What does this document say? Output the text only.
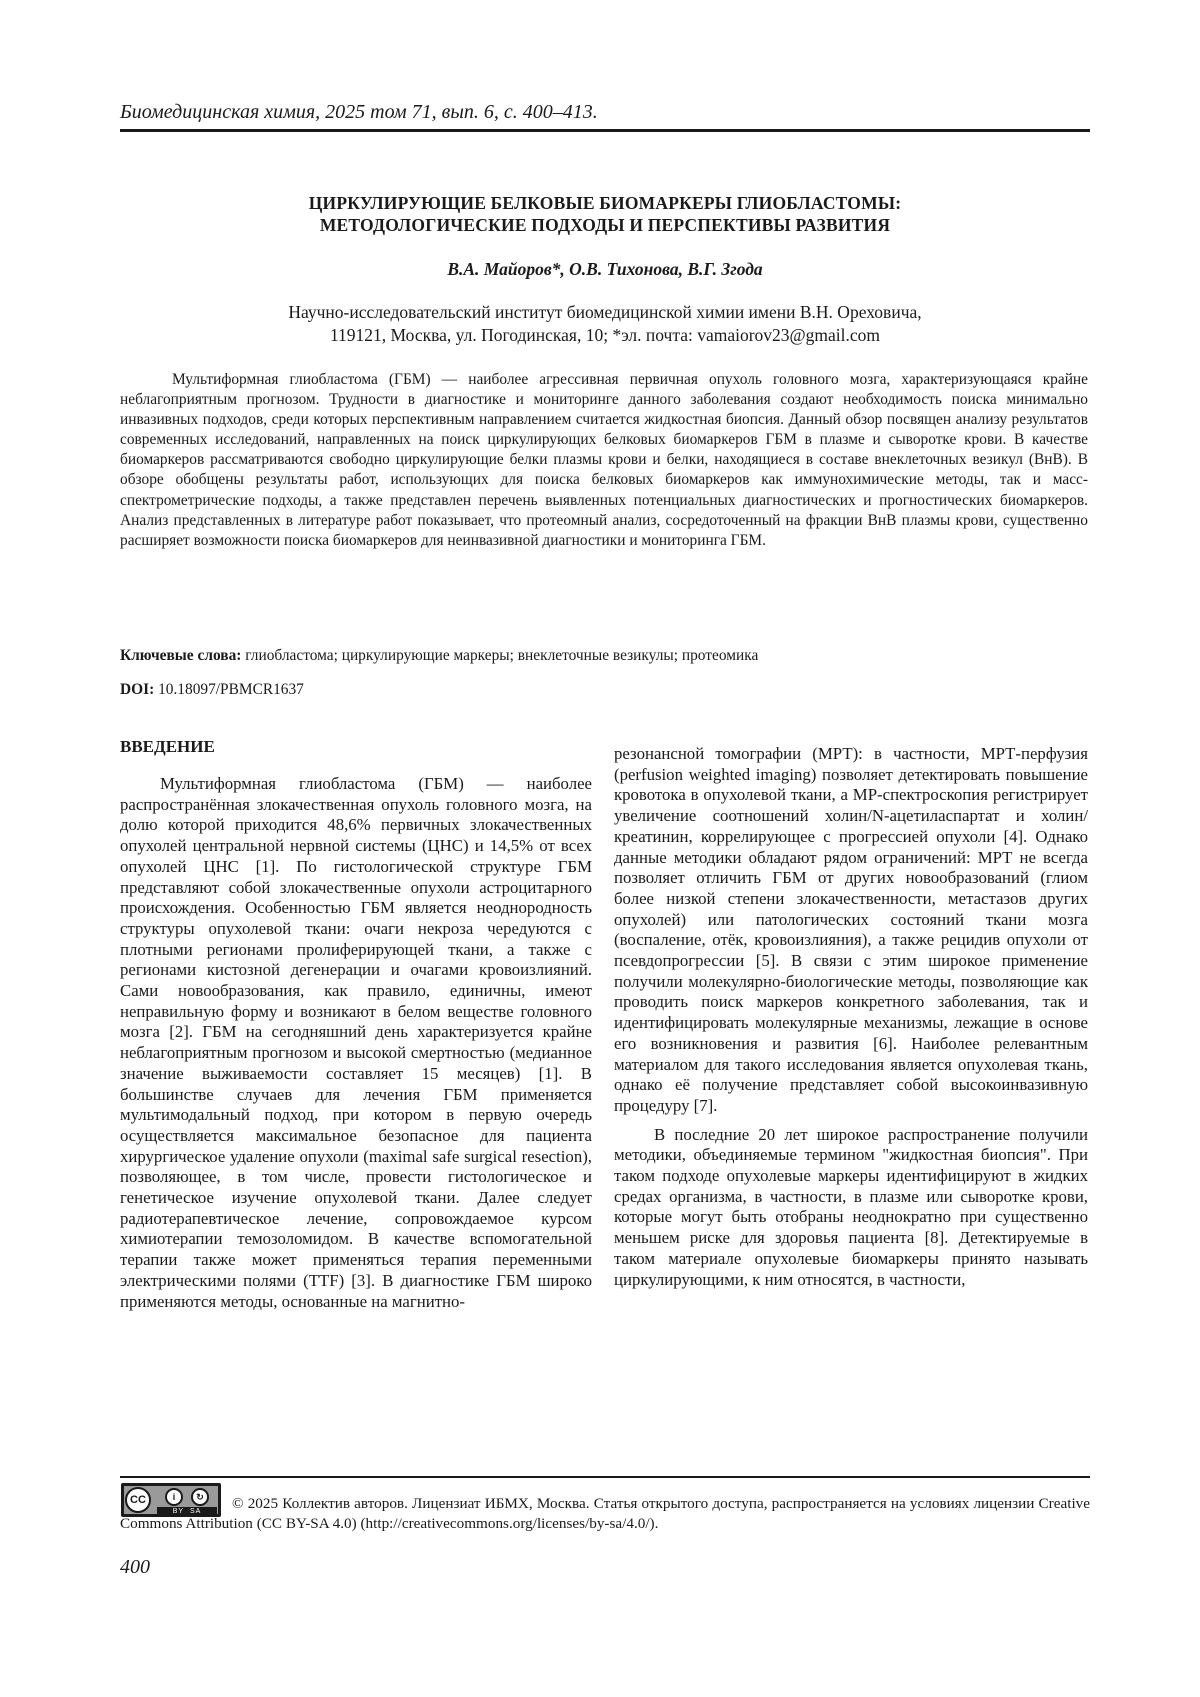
Биомедицинская химия, 2025 том 71, вып. 6, с. 400–413.
ЦИРКУЛИРУЮЩИЕ БЕЛКОВЫЕ БИОМАРКЕРЫ ГЛИОБЛАСТОМЫ:
МЕТОДОЛОГИЧЕСКИЕ ПОДХОДЫ И ПЕРСПЕКТИВЫ РАЗВИТИЯ
В.А. Майоров*, О.В. Тихонова, В.Г. Згода
Научно-исследовательский институт биомедицинской химии имени В.Н. Ореховича,
119121, Москва, ул. Погодинская, 10; *эл. почта: vamaiorov23@gmail.com

Мультиформная глиобластома (ГБМ) — наиболее агрессивная первичная опухоль головного мозга, характеризующаяся крайне неблагоприятным прогнозом. Трудности в диагностике и мониторинге данного заболевания создают необходимость поиска минимально инвазивных подходов, среди которых перспективным направлением считается жидкостная биопсия. Данный обзор посвящен анализу результатов современных исследований, направленных на поиск циркулирующих белковых биомаркеров ГБМ в плазме и сыворотке крови. В качестве биомаркеров рассматриваются свободно циркулирующие белки плазмы крови и белки, находящиеся в составе внеклеточных везикул (ВнВ). В обзоре обобщены результаты работ, использующих для поиска белковых биомаркеров как иммунохимические методы, так и масс-спектрометрические подходы, а также представлен перечень выявленных потенциальных диагностических и прогностических биомаркеров. Анализ представленных в литературе работ показывает, что протеомный анализ, сосредоточенный на фракции ВнВ плазмы крови, существенно расширяет возможности поиска биомаркеров для неинвазивной диагностики и мониторинга ГБМ.

Ключевые слова: глиобластома; циркулирующие маркеры; внеклеточные везикулы; протеомика
DOI: 10.18097/PBMCR1637
ВВЕДЕНИЕ

Мультиформная глиобластома (ГБМ) — наиболее распространённая злокачественная опухоль головного мозга, на долю которой приходится 48,6% первичных злокачественных опухолей центральной нервной системы (ЦНС) и 14,5% от всех опухолей ЦНС [1]. По гистологической структуре ГБМ представляют собой злокачественные опухоли астроцитарного происхождения. Особенностью ГБМ является неоднородность структуры опухолевой ткани: очаги некроза чередуются с плотными регионами пролиферирующей ткани, а также с регионами кистозной дегенерации и очагами кровоизлияний. Сами новообразования, как правило, единичны, имеют неправильную форму и возникают в белом веществе головного мозга [2]. ГБМ на сегодняшний день характеризуется крайне неблагоприятным прогнозом и высокой смертностью (медианное значение выживаемости составляет 15 месяцев) [1]. В большинстве случаев для лечения ГБМ применяется мультимодальный подход, при котором в первую очередь осуществляется максимальное безопасное для пациента хирургическое удаление опухоли (maximal safe surgical resection), позволяющее, в том числе, провести гистологическое и генетическое изучение опухолевой ткани. Далее следует радиотерапевтическое лечение, сопровождаемое курсом химиотерапии темозоломидом. В качестве вспомогательной терапии также может применяться терапия переменными электрическими полями (TTF) [3]. В диагностике ГБМ широко применяются методы, основанные на магнитно-

резонансной томографии (МРТ): в частности, МРТ-перфузия (perfusion weighted imaging) позволяет детектировать повышение кровотока в опухолевой ткани, а МР-спектроскопия регистрирует увеличение соотношений холин/N-ацетиласпартат и холин/креатинин, коррелирующее с прогрессией опухоли [4]. Однако данные методики обладают рядом ограничений: МРТ не всегда позволяет отличить ГБМ от других новообразований (глиом более низкой степени злокачественности, метастазов других опухолей) или патологических состояний ткани мозга (воспаление, отёк, кровоизлияния), а также рецидив опухоли от псевдопрогрессии [5]. В связи с этим широкое применение получили молекулярно-биологические методы, позволяющие как проводить поиск маркеров конкретного заболевания, так и идентифицировать молекулярные механизмы, лежащие в основе его возникновения и развития [6]. Наиболее релевантным материалом для такого исследования является опухолевая ткань, однако её получение представляет собой высокоинвазивную процедуру [7].

В последние 20 лет широкое распространение получили методики, объединяемые термином "жидкостная биопсия". При таком подходе опухолевые маркеры идентифицируют в жидких средах организма, в частности, в плазме или сыворотке крови, которые могут быть отобраны неоднократно при существенно меньшем риске для здоровья пациента [8]. Детектируемые в таком материале опухолевые биомаркеры принято называть циркулирующими, к ним относятся, в частности,

CC	i	↻
BY SA	© 2025 Коллектив авторов. Лицензиат ИБМХ, Москва. Статья открытого доступа, распространяется на условиях лицензии Creative Commons Attribution (CC BY-SA 4.0) (http://creativecommons.org/licenses/by-sa/4.0/).
400
